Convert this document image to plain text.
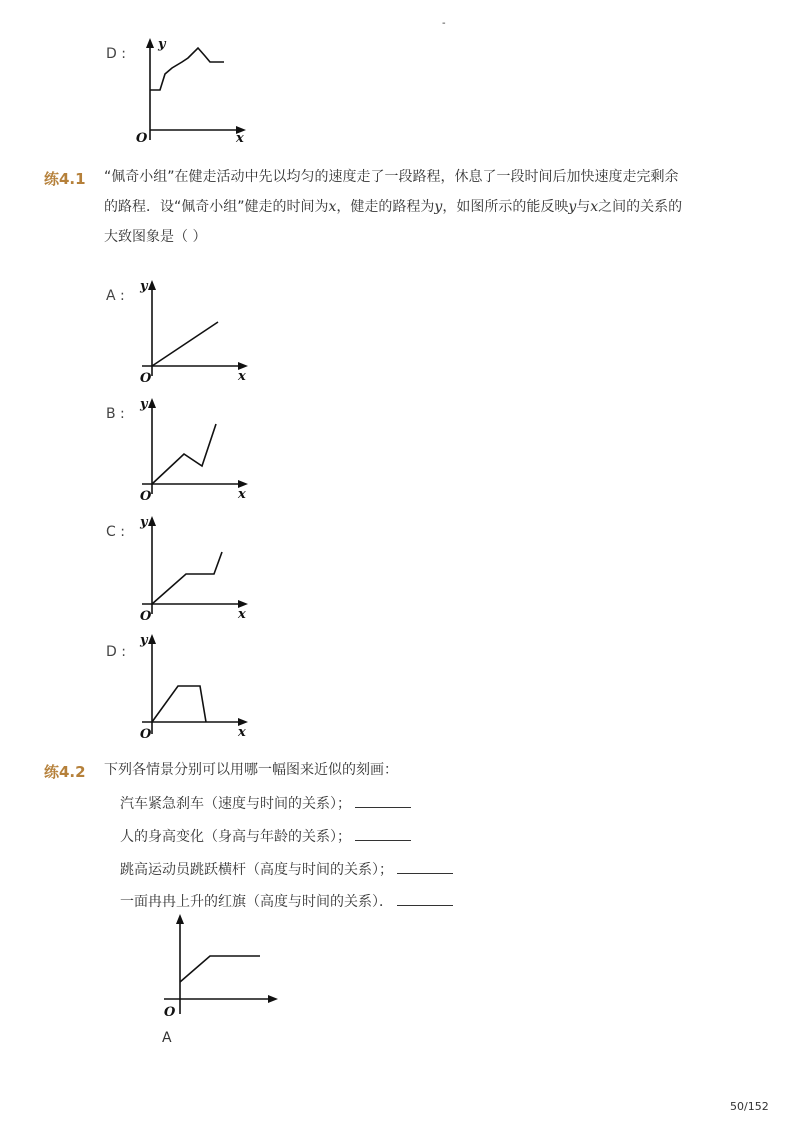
-
D :
y
x
O
练4.1 “佩奇小组”在健走活动中先以均匀的速度走了一段路程，休息了一段时间后加快速度走完剩余
的路程．设“佩奇小组”健走的时间为x，健走的路程为y，如图所示的能反映y与x之间的关系的
大致图象是（ ）
A :
y
x
O
B :
y
x
O
C :
y
x
O
D :
y
x
O
练4.2 下列各情景分别可以用哪一幅图来近似的刻画：
汽车紧急刹车（速度与时间的关系）；
人的身高变化（身高与年龄的关系）；
跳高运动员跳跃横杆（高度与时间的关系）；
一面冉冉上升的红旗（高度与时间的关系）．
O
A
50/152
